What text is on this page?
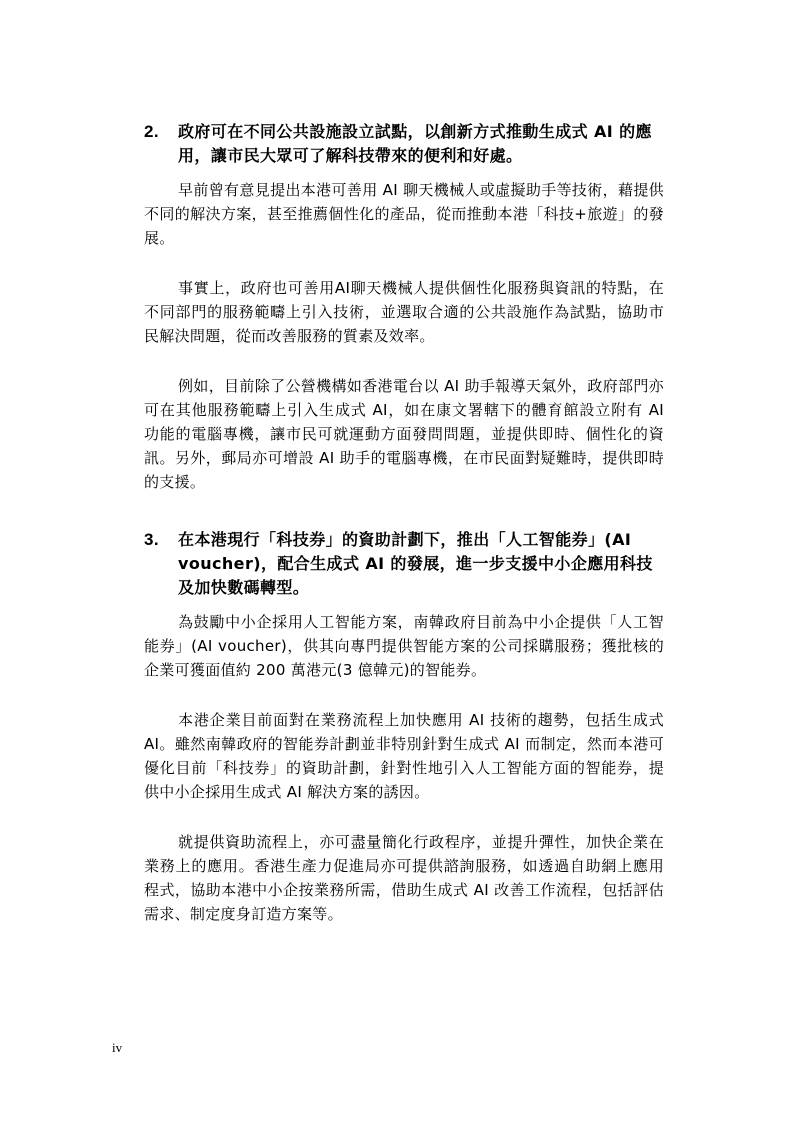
2.	政府可在不同公共設施設立試點，以創新方式推動生成式 AI 的應用，讓市民大眾可了解科技帶來的便利和好處。

早前曾有意見提出本港可善用 AI 聊天機械人或虛擬助手等技術，藉提供不同的解決方案，甚至推薦個性化的產品，從而推動本港「科技+旅遊」的發展。

事實上，政府也可善用AI聊天機械人提供個性化服務與資訊的特點，在不同部門的服務範疇上引入技術，並選取合適的公共設施作為試點，協助市民解決問題，從而改善服務的質素及效率。

例如，目前除了公營機構如香港電台以 AI 助手報導天氣外，政府部門亦可在其他服務範疇上引入生成式 AI，如在康文署轄下的體育館設立附有 AI 功能的電腦專機，讓市民可就運動方面發問問題，並提供即時、個性化的資訊。另外，郵局亦可增設 AI 助手的電腦專機，在市民面對疑難時，提供即時的支援。

3.	在本港現行「科技券」的資助計劃下，推出「人工智能券」(AI voucher)，配合生成式 AI 的發展，進一步支援中小企應用科技及加快數碼轉型。

為鼓勵中小企採用人工智能方案，南韓政府目前為中小企提供「人工智能券」(AI voucher)，供其向專門提供智能方案的公司採購服務；獲批核的企業可獲面值約 200 萬港元(3 億韓元)的智能券。

本港企業目前面對在業務流程上加快應用 AI 技術的趨勢，包括生成式 AI。雖然南韓政府的智能券計劃並非特別針對生成式 AI 而制定，然而本港可優化目前「科技券」的資助計劃，針對性地引入人工智能方面的智能券，提供中小企採用生成式 AI 解決方案的誘因。

就提供資助流程上，亦可盡量簡化行政程序，並提升彈性，加快企業在業務上的應用。香港生產力促進局亦可提供諮詢服務，如透過自助網上應用程式，協助本港中小企按業務所需，借助生成式 AI 改善工作流程，包括評估需求、制定度身訂造方案等。

iv
